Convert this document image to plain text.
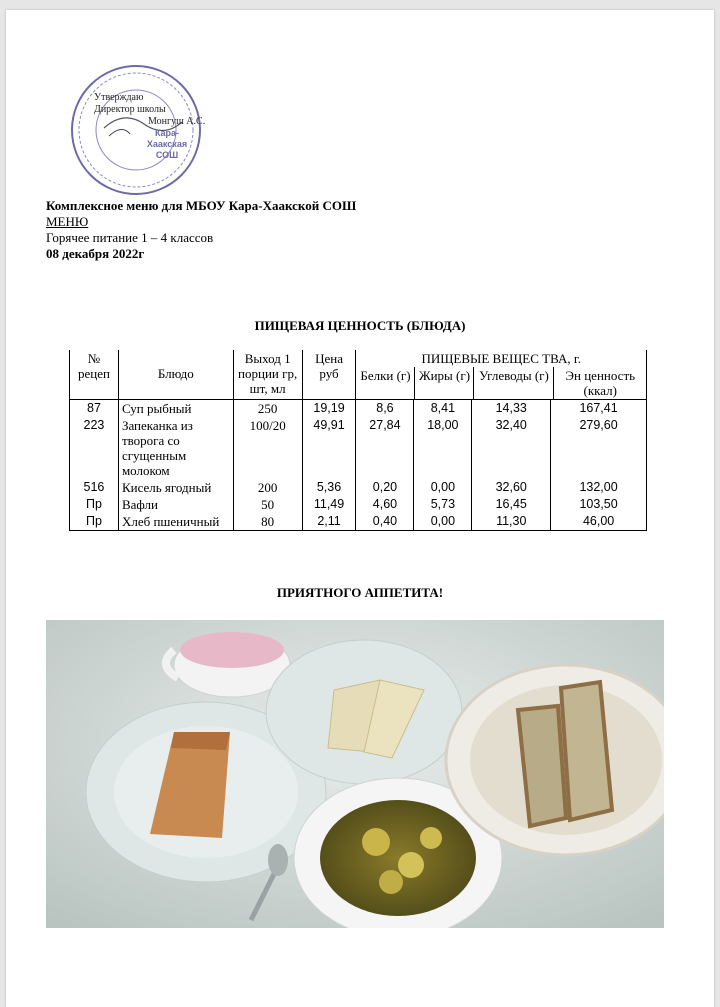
Утверждаю
Директор школы
Монгуш А.С.
Кара-Хаакская СОШ
Комплексное меню для МБОУ Кара-Хаакской СОШ
МЕНЮ
Горячее питание 1 – 4 классов
08 декабря 2022г
ПИЩЕВАЯ ЦЕННОСТЬ (БЛЮДА)
№
рецеп	Блюдо
	Выход 1 порции гр, шт, мл	Цена руб	
ПИЩЕВЫЕ ВЕЩЕС ТВА, г.
Белки (г)	Жиры (г)	Углеводы (г)	Эн ценность (ккал)

87	Суп рыбный	250	19,19	8,6	8,41	14,33	167,41
223	Запеканка из творога со сгущенным молоком	100/20	49,91	27,84	18,00	32,40	279,60
516	Кисель ягодный	200	5,36	0,20	0,00	32,60	132,00
Пр	Вафли	50	11,49	4,60	5,73	16,45	103,50
Пр	Хлеб пшеничный	80	2,11	0,40	0,00	11,30	46,00
ПРИЯТНОГО АППЕТИТА!
